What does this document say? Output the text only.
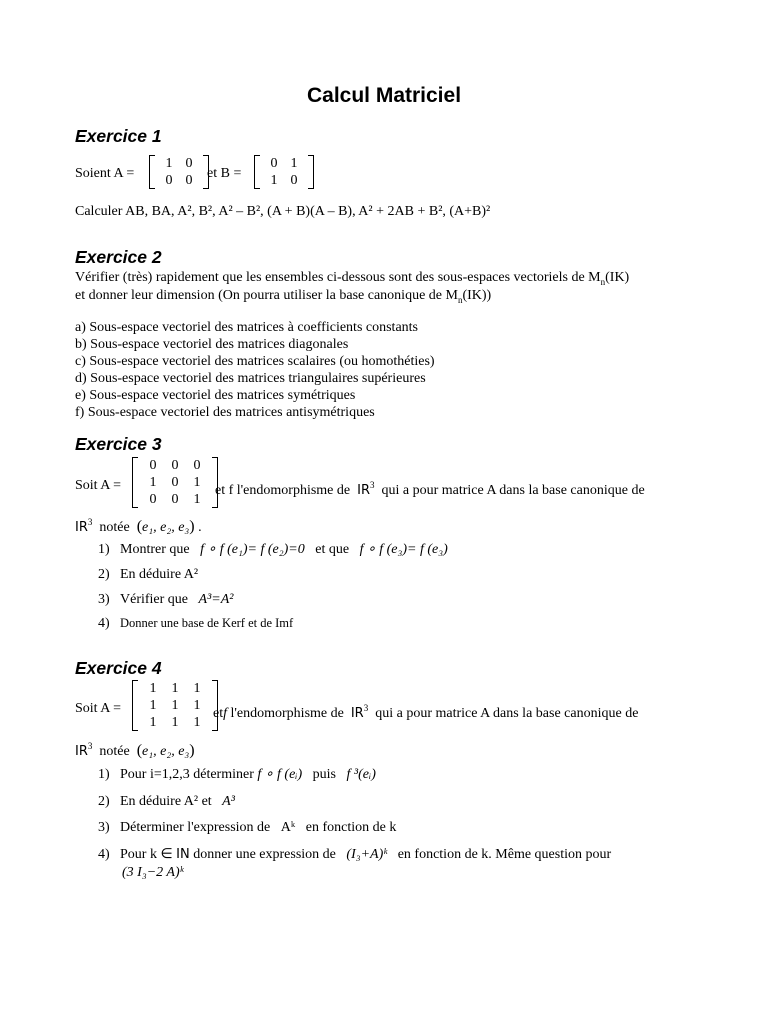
Calcul Matriciel
Exercice 1
Soient A =
1 0
0 0	et B =
0 1
1 0
Calculer AB, BA, A², B², A² – B², (A + B)(A – B), A² + 2AB + B², (A+B)²
Exercice 2
Vérifier (très) rapidement que les ensembles ci-dessous sont des sous-espaces vectoriels de $M_n(IK)$
et donner leur dimension (On pourra utiliser la base canonique de $M_n(IK)$)
a) Sous-espace vectoriel des matrices à coefficients constants
b) Sous-espace vectoriel des matrices diagonales
c) Sous-espace vectoriel des matrices scalaires (ou homothéties)
d) Sous-espace vectoriel des matrices triangulaires supérieures
e) Sous-espace vectoriel des matrices symétriques
f) Sous-espace vectoriel des matrices antisymétriques
Exercice 3
Soit A =
0	0	0
1	0	1
0	0	1
et f l'endomorphisme de $IR^3$ qui a pour matrice A dans la base canonique de
$IR^3$ notée (e₁, e₂, e₃) .
1) Montrer que f ∘ f (e₁)= f (e₂)=0 et que f ∘ f (e₃)= f (e₃)
2) En déduire A²
3) Vérifier que A³=A²
4) Donner une base de Kerf et de Imf
Exercice 4
Soit A =
1	1	1
1	1	1
1	1	1
etf l'endomorphisme de $IR^3$ qui a pour matrice A dans la base canonique de
$IR^3$ notée (e₁, e₂, e₃)
1) Pour i=1,2,3 déterminer f ∘ f (eᵢ) puis f ³(eᵢ)
2) En déduire A² et A³
3) Déterminer l'expression de Aᵏ en fonction de k
4) Pour k ∈ IN donner une expression de (I₃+A)ᵏ en fonction de k. Même question pour
(3 I₃−2 A)ᵏ
